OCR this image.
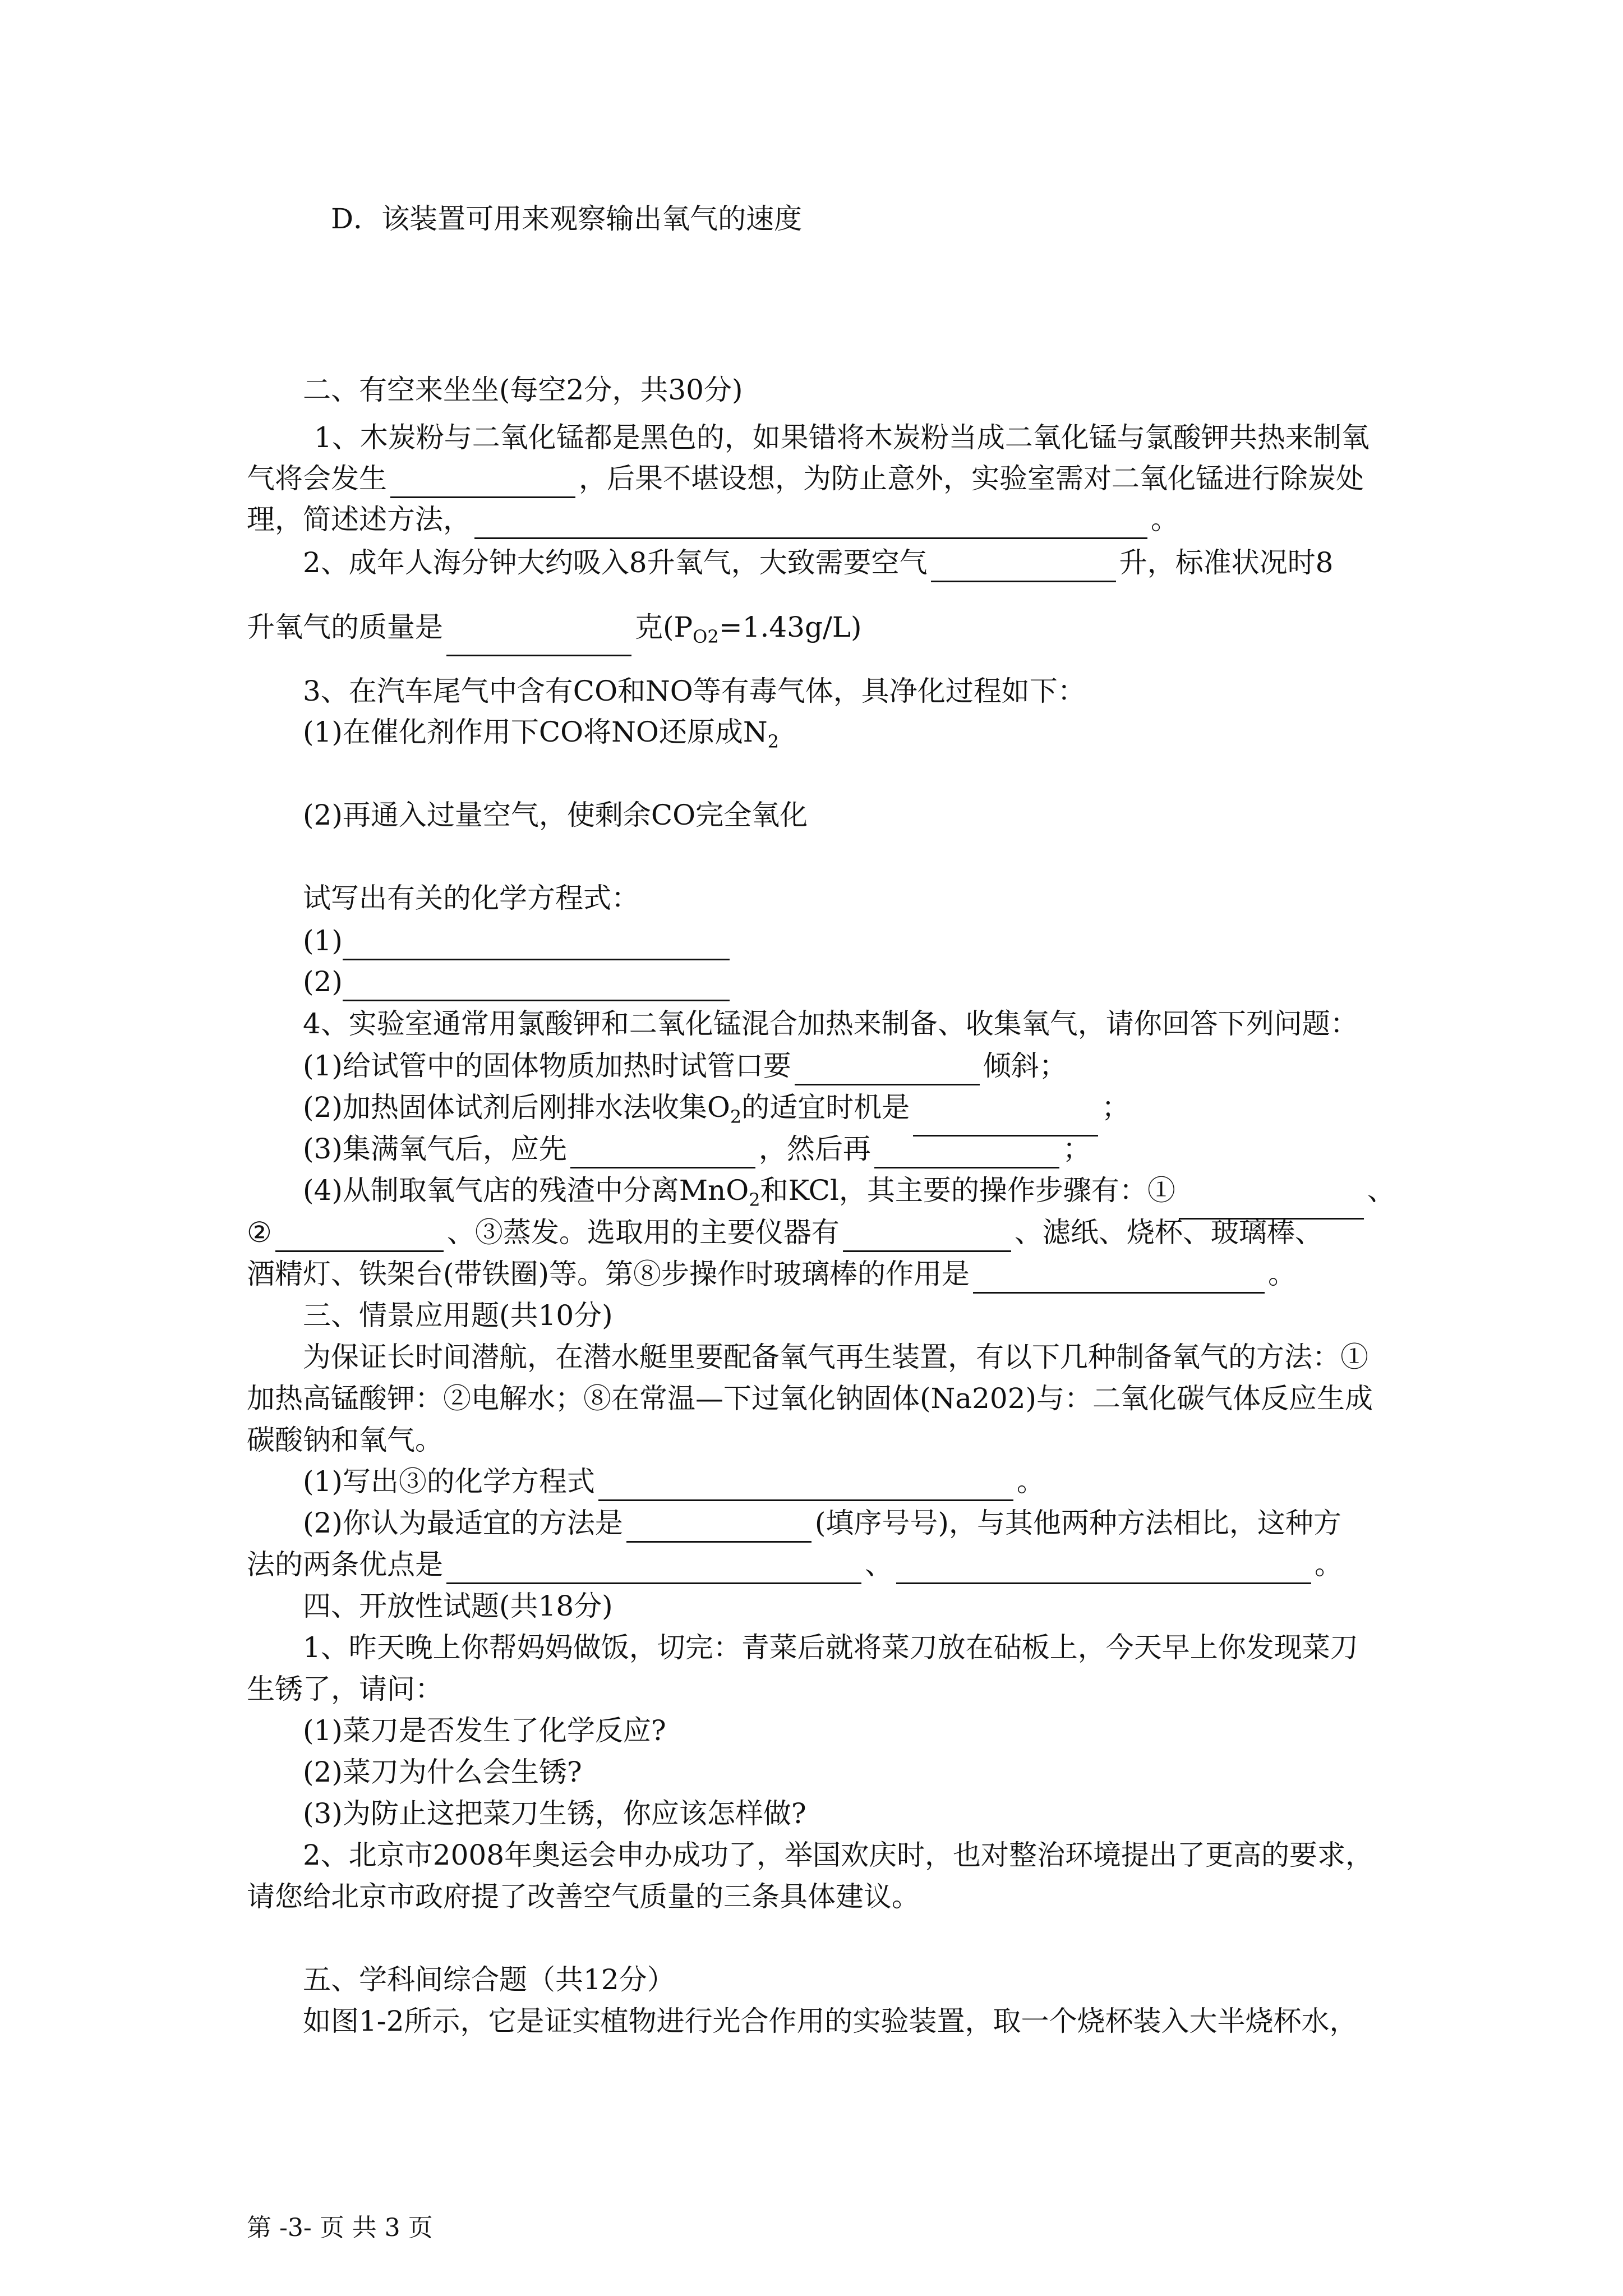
D．该装置可用来观察输出氧气的速度
二、有空来坐坐(每空2分，共30分)
1、木炭粉与二氧化锰都是黑色的，如果错将木炭粉当成二氧化锰与氯酸钾共热来制氧
气将会发生	，后果不堪设想，为防止意外，实验室需对二氧化锰进行除炭处
理，简述述方法，	。
2、成年人海分钟大约吸入8升氧气，大致需要空气	升，标准状况时8
升氧气的质量是	克$(P_{O2}=1.43g/L)$
3、在汽车尾气中含有CO和NO等有毒气体，具净化过程如下：
(1)在催化剂作用下CO将NO还原成$N_2$
(2)再通入过量空气，使剩余CO完全氧化
试写出有关的化学方程式：
(1)
(2)
4、实验室通常用氯酸钾和二氧化锰混合加热来制备、收集氧气，请你回答下列问题：
(1)给试管中的固体物质加热时试管口要	倾斜；
(2)加热固体试剂后刚排水法收集$O_2$的适宜时机是	；
(3)集满氧气后，应先	，然后再	；
(4)从制取氧气店的残渣中分离MnO$_2$和KCl，其主要的操作步骤有：①	、
②	、③蒸发。选取用的主要仪器有	、滤纸、烧杯、玻璃棒、
酒精灯、铁架台(带铁圈)等。第⑧步操作时玻璃棒的作用是	。
三、情景应用题(共10分)
为保证长时间潜航，在潜水艇里要配备氧气再生装置，有以下几种制备氧气的方法：①
加热高锰酸钾：②电解水；⑧在常温—下过氧化钠固体(Na202)与：二氧化碳气体反应生成
碳酸钠和氧气。
(1)写出③的化学方程式	。
(2)你认为最适宜的方法是	(填序号号)，与其他两种方法相比，这种方
法的两条优点是	、	。
四、开放性试题(共18分)
1、昨天晚上你帮妈妈做饭，切完：青菜后就将菜刀放在砧板上，今天早上你发现菜刀
生锈了，请问：
(1)菜刀是否发生了化学反应?
(2)菜刀为什么会生锈?
(3)为防止这把菜刀生锈，你应该怎样做?
2、北京市2008年奥运会申办成功了，举国欢庆时，也对整治环境提出了更高的要求，
请您给北京市政府提了改善空气质量的三条具体建议。
五、学科间综合题（共12分）
如图1-2所示，它是证实植物进行光合作用的实验装置，取一个烧杯装入大半烧杯水，
第 -3- 页 共 3 页
